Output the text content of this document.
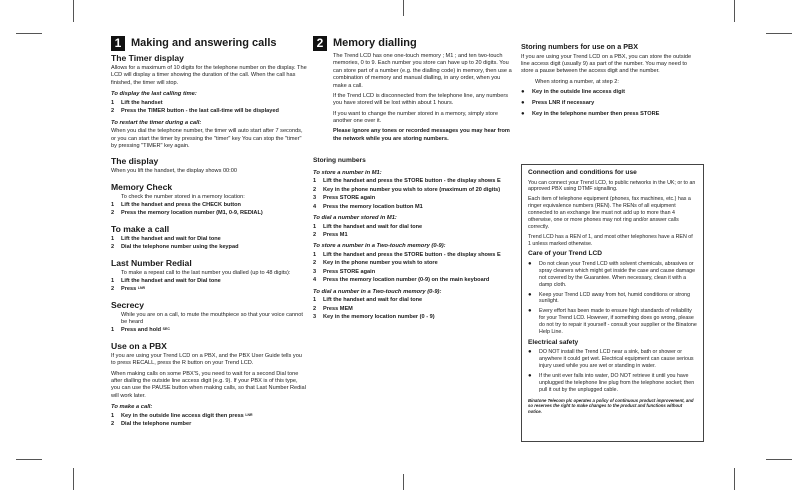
1 Making and answering calls
The Timer display

Allows for a maximum of 10 digits for the telephone number on the display. The LCD will display a timer showing the duration of the call. When the call has finished, the timer will stop.

To display the last calling time:
1	Lift the handset
2	Press the TIMER button - the last call-time will be displayed
To restart the timer during a call:

When you dial the telephone number, the timer will auto start after 7 seconds, or you can start the timer by pressing the "timer" key You can stop the "timer" by pressing "TIMER" key again.

The display

When you lift the handset, the display shows 00:00

Memory Check

To check the number stored in a memory location:

1	Lift the handset and press the CHECK button
2	Press the memory location number (M1, 0-9, REDIAL)
To make a call
1	Lift the handset and wait for Dial tone
2	Dial the telephone number using the keypad
Last Number Redial

To make a repeat call to the last number you dialled (up to 48 digits):

1	Lift the handset and wait for Dial tone
2	Press
LNR
Secrecy

While you are on a call, to mute the mouthpiece so that your voice cannot be heard

1	Press and hold
SEC
Use on a PBX

If you are using your Trend LCD on a PBX, and the PBX User Guide tells you to press RECALL, press the R button on your Trend LCD.

When making calls on some PBX'S, you need to wait for a second Dial tone after dialling the outside line access digit (e.g. 9). If your PBX is of this type, you can use the PAUSE button when making calls, so that Last Number Redial will work later.

To make a call:
1	Key in the outside line access digit then press
LNR
2	Dial the telephone number
2 Memory dialling

The Trend LCD has one one-touch memory ; M1 ; and ten two-touch memories, 0 to 9. Each number you store can have up to 20 digits. You can store part of a number (e.g. the dialling code) in memory, then use a combination of memory and manual dialling, in any order, when you make a call.

If the Trend LCD is disconnected from the telephone line, any numbers you have stored will be lost within about 1 hours.

If you want to change the number stored in a memory, simply store another one over it.

Please ignore any tones or recorded messages you may hear from the network while you are storing numbers.

Storing numbers
To store a number in M1:
1	Lift the handset and press the STORE button - the display shows E
2	Key in the phone number you wish to store (maximum of 20 digits)
3	Press STORE again
4	Press the memory location button M1
To dial a number stored in M1:
1	Lift the handset and wait for dial tone
2	Press M1
To store a number in a Two-touch memory (0-9):
1	Lift the handset and press the STORE button - the display shows E
2	Key in the phone number you wish to store
3	Press STORE again
4	Press the memory location number (0-9) on the main keyboard
To dial a number in a Two-touch memory (0-9):
1	Lift the handset and wait for dial tone
2	Press MEM
3	Key in the memory location number (0 - 9)
Storing numbers for use on a PBX

If you are using your Trend LCD on a PBX, you can store the outside line access digit (usually 9) as part of the number. You may need to store a pause between the access digit and the number.

When storing a number, at step 2:

●	Key in the outside line access digit
●	Press LNR if necessary
●	Key in the telephone number then press STORE
Connection and conditions for use

You can connect your Trend LCD, to public networks in the UK; or to an approved PBX using DTMF signalling.

Each item of telephone equipment (phones, fax machines, etc.) has a ringer equivalence numbers (REN). The RENs of all equipment connected to an exchange line must not add up to more than 4 otherwise, one or more phones may not ring and/or answer calls correctly.

Trend LCD has a REN of 1, and most other telephones have a REN of 1 unless marked otherwise.

Care of your Trend LCD
●	Do not clean your Trend LCD with solvent chemicals, abrasives or spray cleaners which might get inside the case and cause damage not covered by the Guarantee. When necessary, clean it with a damp cloth.
●	Keep your Trend LCD away from hot, humid conditions or strong sunlight.
●	Every effort has been made to ensure high standards of reliability for your Trend LCD. However, if something does go wrong, please do not try to repair it yourself - consult your supplier or the Binatone Help Line.
Electrical safety
●	DO NOT install the Trend LCD near a sink, bath or shower or anywhere it could get wet. Electrical equipment can cause serious injury used while you are wet or standing in water.
●	If the unit ever falls into water, DO NOT retrieve it until you have unplugged the telephone line plug from the telephone socket; then pull it out by the unplugged cable.
Binatone Telecom plc operates a policy of continuous product improvement, and so reserves the right to make changes to the product and functions without notice.
